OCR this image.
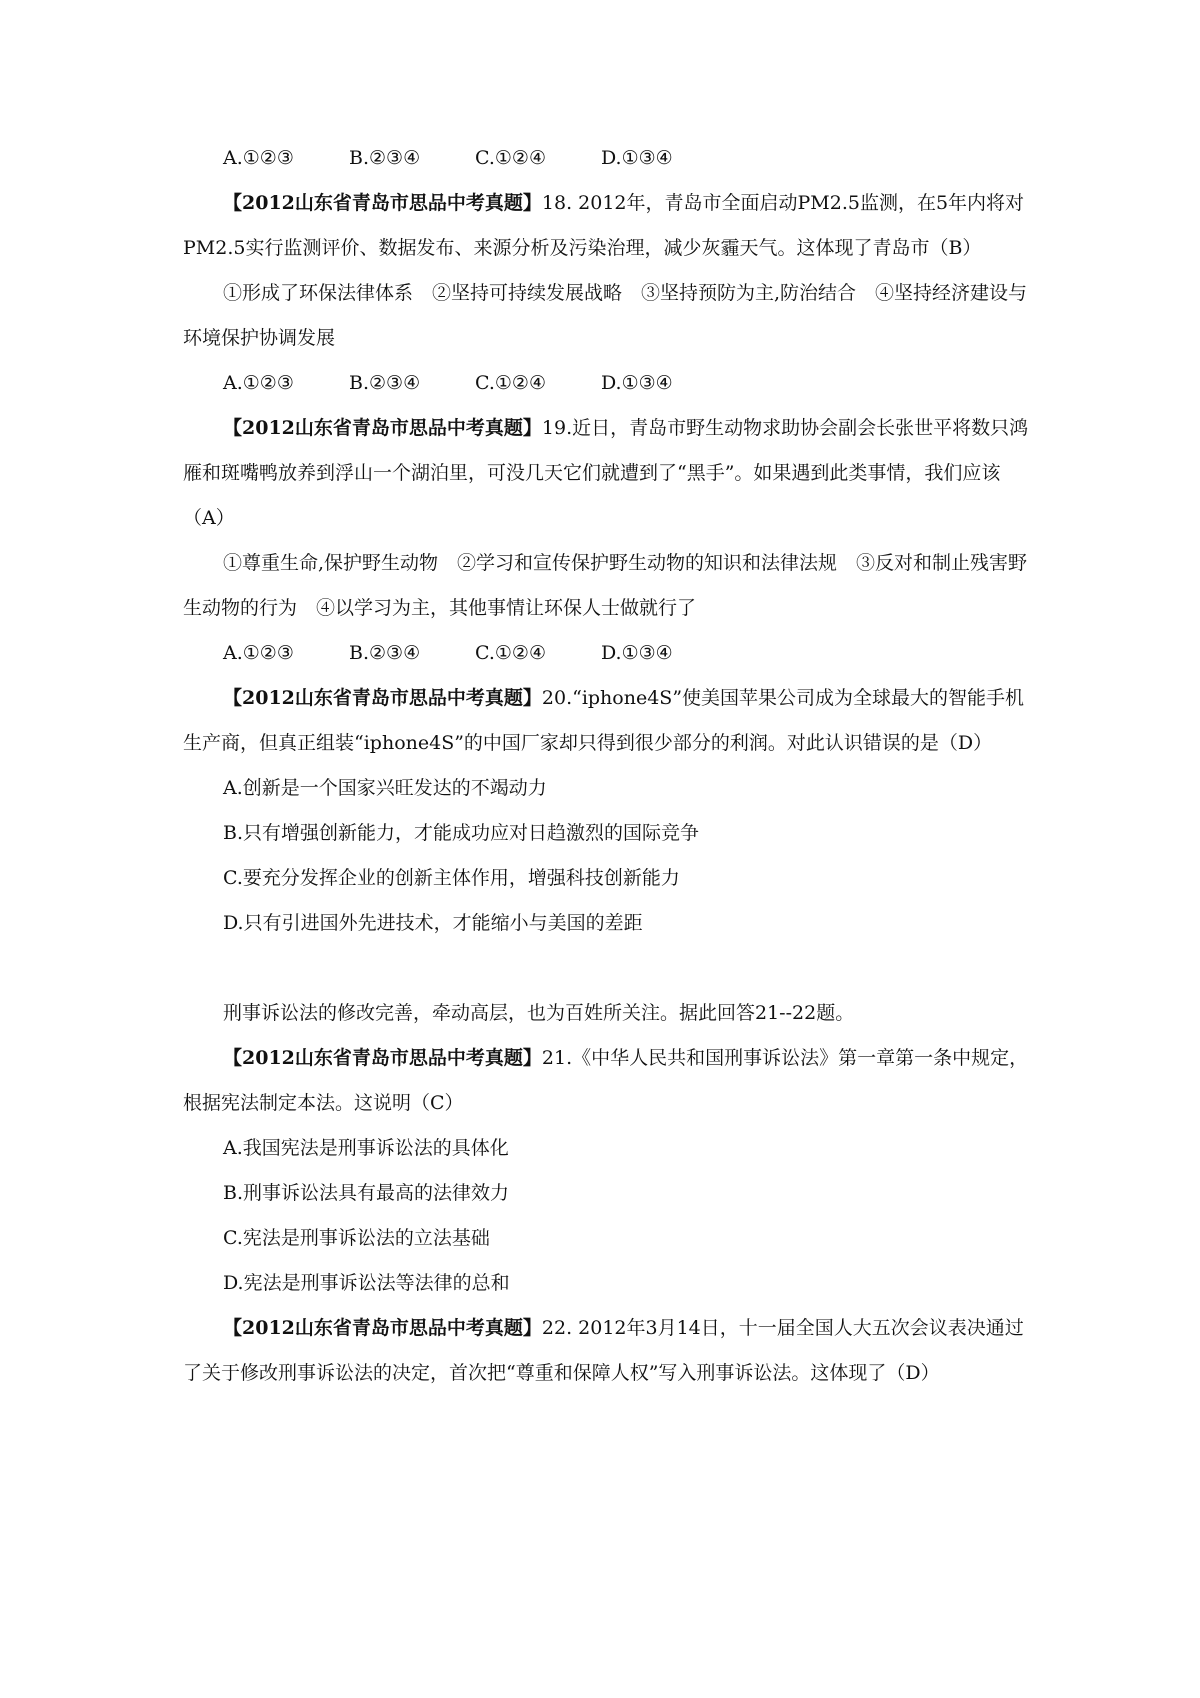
A.①②③	B.②③④	C.①②④	D.①③④

【2012山东省青岛市思品中考真题】18. 2012年，青岛市全面启动PM2.5监测，在5年内将对PM2.5实行监测评价、数据发布、来源分析及污染治理，减少灰霾天气。这体现了青岛市（B）

①形成了环保法律体系　②坚持可持续发展战略　③坚持预防为主,防治结合　④坚持经济建设与环境保护协调发展

A.①②③	B.②③④	C.①②④	D.①③④

【2012山东省青岛市思品中考真题】19.近日，青岛市野生动物求助协会副会长张世平将数只鸿雁和斑嘴鸭放养到浮山一个湖泊里，可没几天它们就遭到了“黑手”。如果遇到此类事情，我们应该（A）

①尊重生命,保护野生动物　②学习和宣传保护野生动物的知识和法律法规　③反对和制止残害野生动物的行为　④以学习为主，其他事情让环保人士做就行了

A.①②③	B.②③④	C.①②④	D.①③④

【2012山东省青岛市思品中考真题】20.“iphone4S”使美国苹果公司成为全球最大的智能手机生产商，但真正组装“iphone4S”的中国厂家却只得到很少部分的利润。对此认识错误的是（D）

A.创新是一个国家兴旺发达的不竭动力

B.只有增强创新能力，才能成功应对日趋激烈的国际竞争

C.要充分发挥企业的创新主体作用，增强科技创新能力

D.只有引进国外先进技术，才能缩小与美国的差距

刑事诉讼法的修改完善，牵动高层，也为百姓所关注。据此回答21--22题。

【2012山东省青岛市思品中考真题】21.《中华人民共和国刑事诉讼法》第一章第一条中规定，根据宪法制定本法。这说明（C）

A.我国宪法是刑事诉讼法的具体化

B.刑事诉讼法具有最高的法律效力

C.宪法是刑事诉讼法的立法基础

D.宪法是刑事诉讼法等法律的总和

【2012山东省青岛市思品中考真题】22. 2012年3月14日，十一届全国人大五次会议表决通过了关于修改刑事诉讼法的决定，首次把“尊重和保障人权”写入刑事诉讼法。这体现了（D）
